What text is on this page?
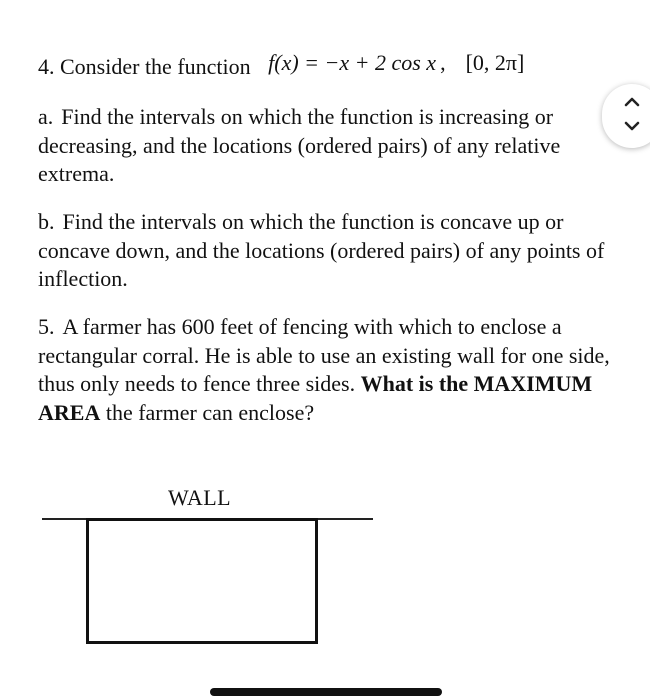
4. Consider the function f(x) = −x + 2 cos x , [0, 2π]

a. Find the intervals on which the function is increasing or decreasing, and the locations (ordered pairs) of any relative extrema.

b. Find the intervals on which the function is concave up or concave down, and the locations (ordered pairs) of any points of inflection.

5. A farmer has 600 feet of fencing with which to enclose a rectangular corral. He is able to use an existing wall for one side, thus only needs to fence three sides. What is the MAXIMUM AREA the farmer can enclose?

WALL
